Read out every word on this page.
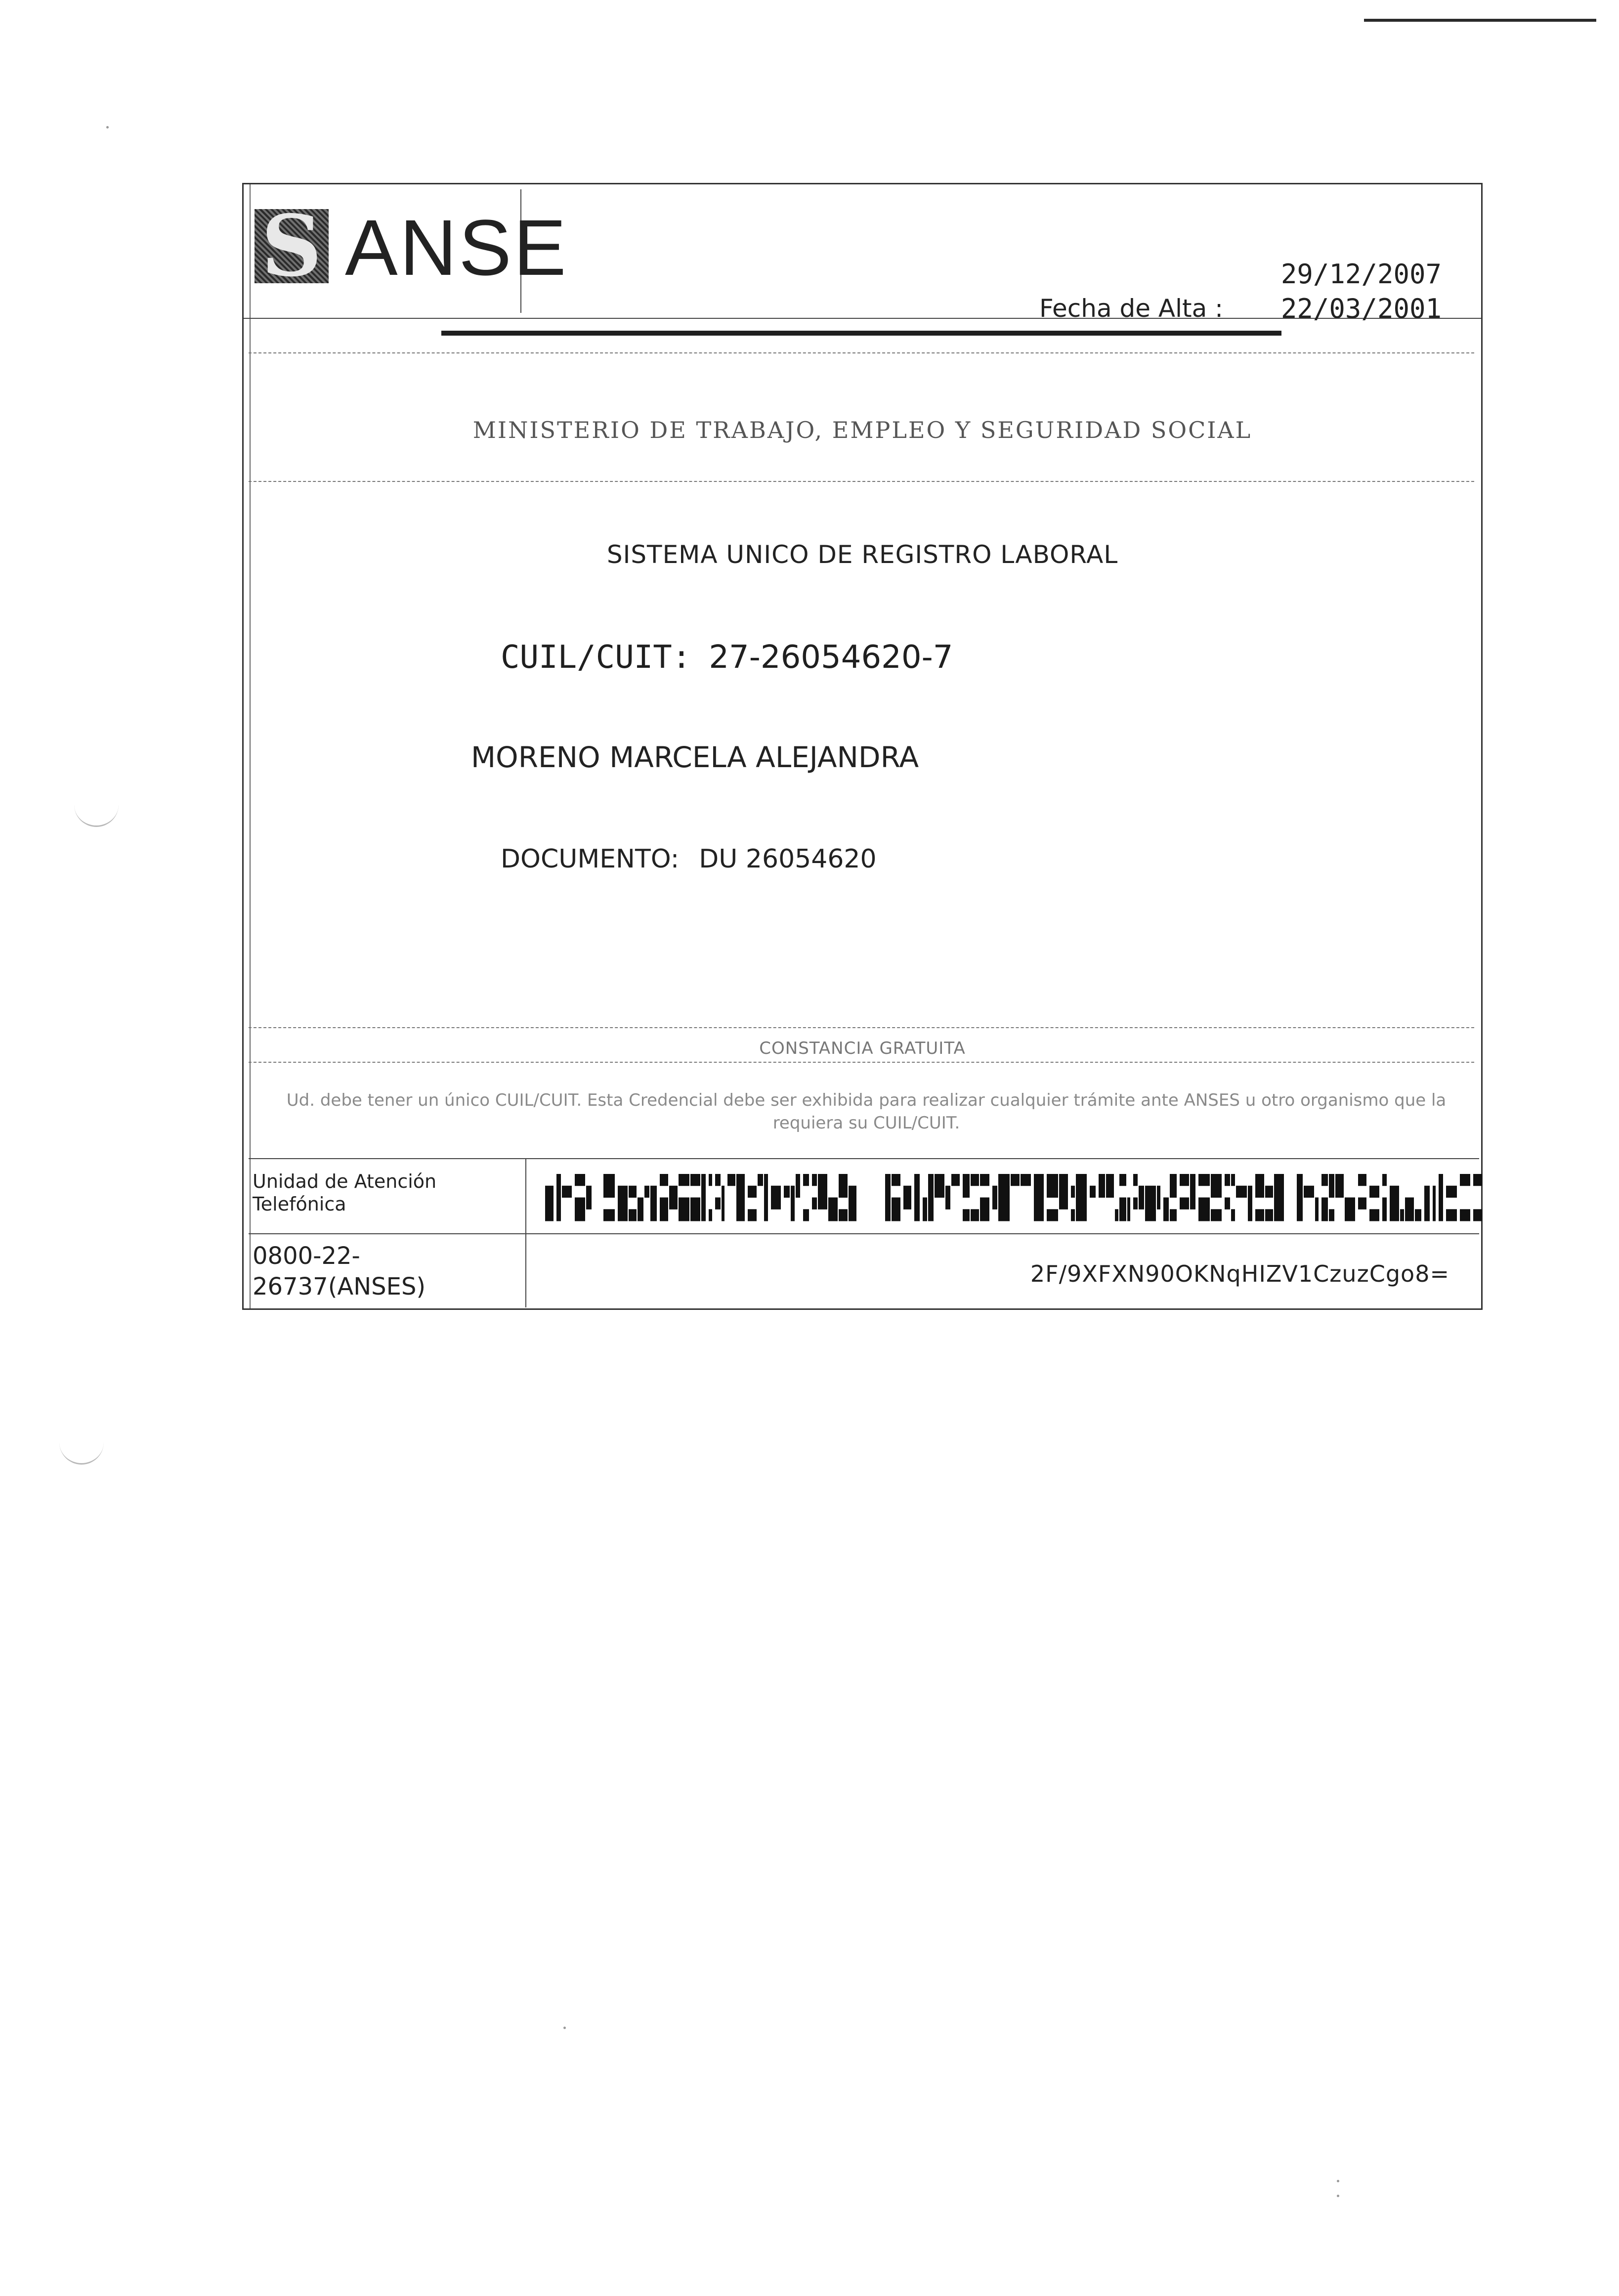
S ANSE	29/12/2007
Fecha de Alta : 22/03/2001
MINISTERIO DE TRABAJO, EMPLEO Y SEGURIDAD SOCIAL
SISTEMA UNICO DE REGISTRO LABORAL
CUIL/CUIT: 27-26054620-7
MORENO MARCELA ALEJANDRA
DOCUMENTO: DU 26054620
CONSTANCIA GRATUITA
Ud. debe tener un único CUIL/CUIT. Esta Credencial debe ser exhibida para realizar cualquier trámite ante ANSES u otro organismo que la requiera su CUIL/CUIT.
Unidad de Atención
Telefónica
0800-22-
26737(ANSES)	2F/9XFXN90OKNqHIZV1CzuzCgo8=
